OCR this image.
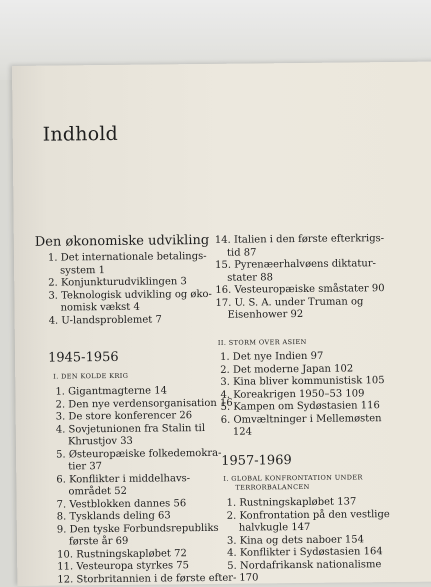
Indhold
Den økonomiske udvikling
1. Det internationale betalings-
system 1
2. Konjunkturudviklingen 3
3. Teknologisk udvikling og øko-
nomisk vækst 4
4. U-landsproblemet 7
1945-1956
I. DEN KOLDE KRIG
1. Gigantmagterne 14
2. Den nye verdensorganisation 16
3. De store konferencer 26
4. Sovjetunionen fra Stalin til
Khrustjov 33
5. Østeuropæiske folkedemokra-
tier 37
6. Konflikter i middelhavs-
området 52
7. Vestblokken dannes 56
8. Tysklands deling 63
9. Den tyske Forbundsrepubliks
første år 69
10. Rustningskapløbet 72
11. Vesteuropa styrkes 75
12. Storbritannien i de første efter-
14. Italien i den første efterkrigs-
tid 87
15. Pyrenæerhalvøens diktatur-
stater 88
16. Vesteuropæiske småstater 90
17. U. S. A. under Truman og
Eisenhower 92
II. STORM OVER ASIEN
1. Det nye Indien 97
2. Det moderne Japan 102
3. Kina bliver kommunistisk 105
4. Koreakrigen 1950–53 109
5. Kampen om Sydøstasien 116
6. Omvæltninger i Mellemøsten
124
1957-1969
I. GLOBAL KONFRONTATION UNDER
TERRORBALANCEN
1. Rustningskapløbet 137
2. Konfrontation på den vestlige
halvkugle 147
3. Kina og dets naboer 154
4. Konflikter i Sydøstasien 164
5. Nordafrikansk nationalisme
170
